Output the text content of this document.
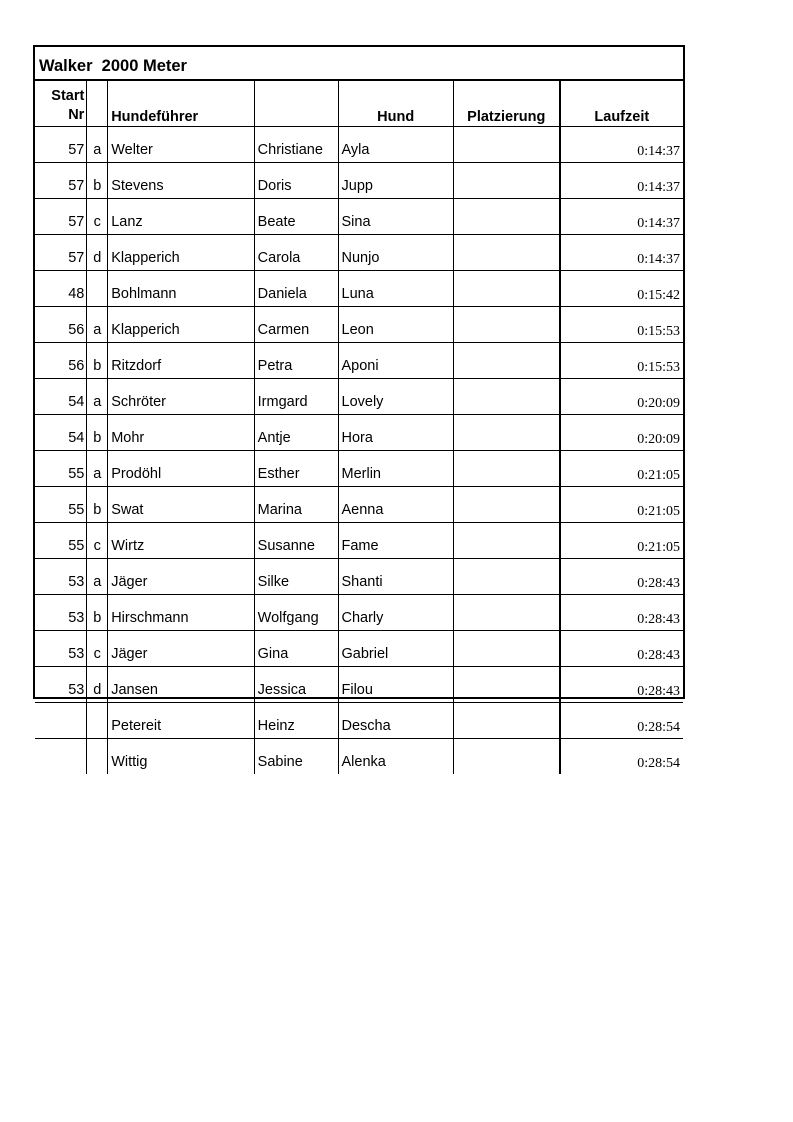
Walker  2000 Meter
Start
Nr		Hundeführer		Hund	Platzierung	Laufzeit
57	a	Welter	Christiane	Ayla		0:14:37
57	b	Stevens	Doris	Jupp		0:14:37
57	c	Lanz	Beate	Sina		0:14:37
57	d	Klapperich	Carola	Nunjo		0:14:37
48		Bohlmann	Daniela	Luna		0:15:42
56	a	Klapperich	Carmen	Leon		0:15:53
56	b	Ritzdorf	Petra	Aponi		0:15:53
54	a	Schröter	Irmgard	Lovely		0:20:09
54	b	Mohr	Antje	Hora		0:20:09
55	a	Prodöhl	Esther	Merlin		0:21:05
55	b	Swat	Marina	Aenna		0:21:05
55	c	Wirtz	Susanne	Fame		0:21:05
53	a	Jäger	Silke	Shanti		0:28:43
53	b	Hirschmann	Wolfgang	Charly		0:28:43
53	c	Jäger	Gina	Gabriel		0:28:43
53	d	Jansen	Jessica	Filou		0:28:43
		Petereit	Heinz	Descha		0:28:54
		Wittig	Sabine	Alenka		0:28:54
